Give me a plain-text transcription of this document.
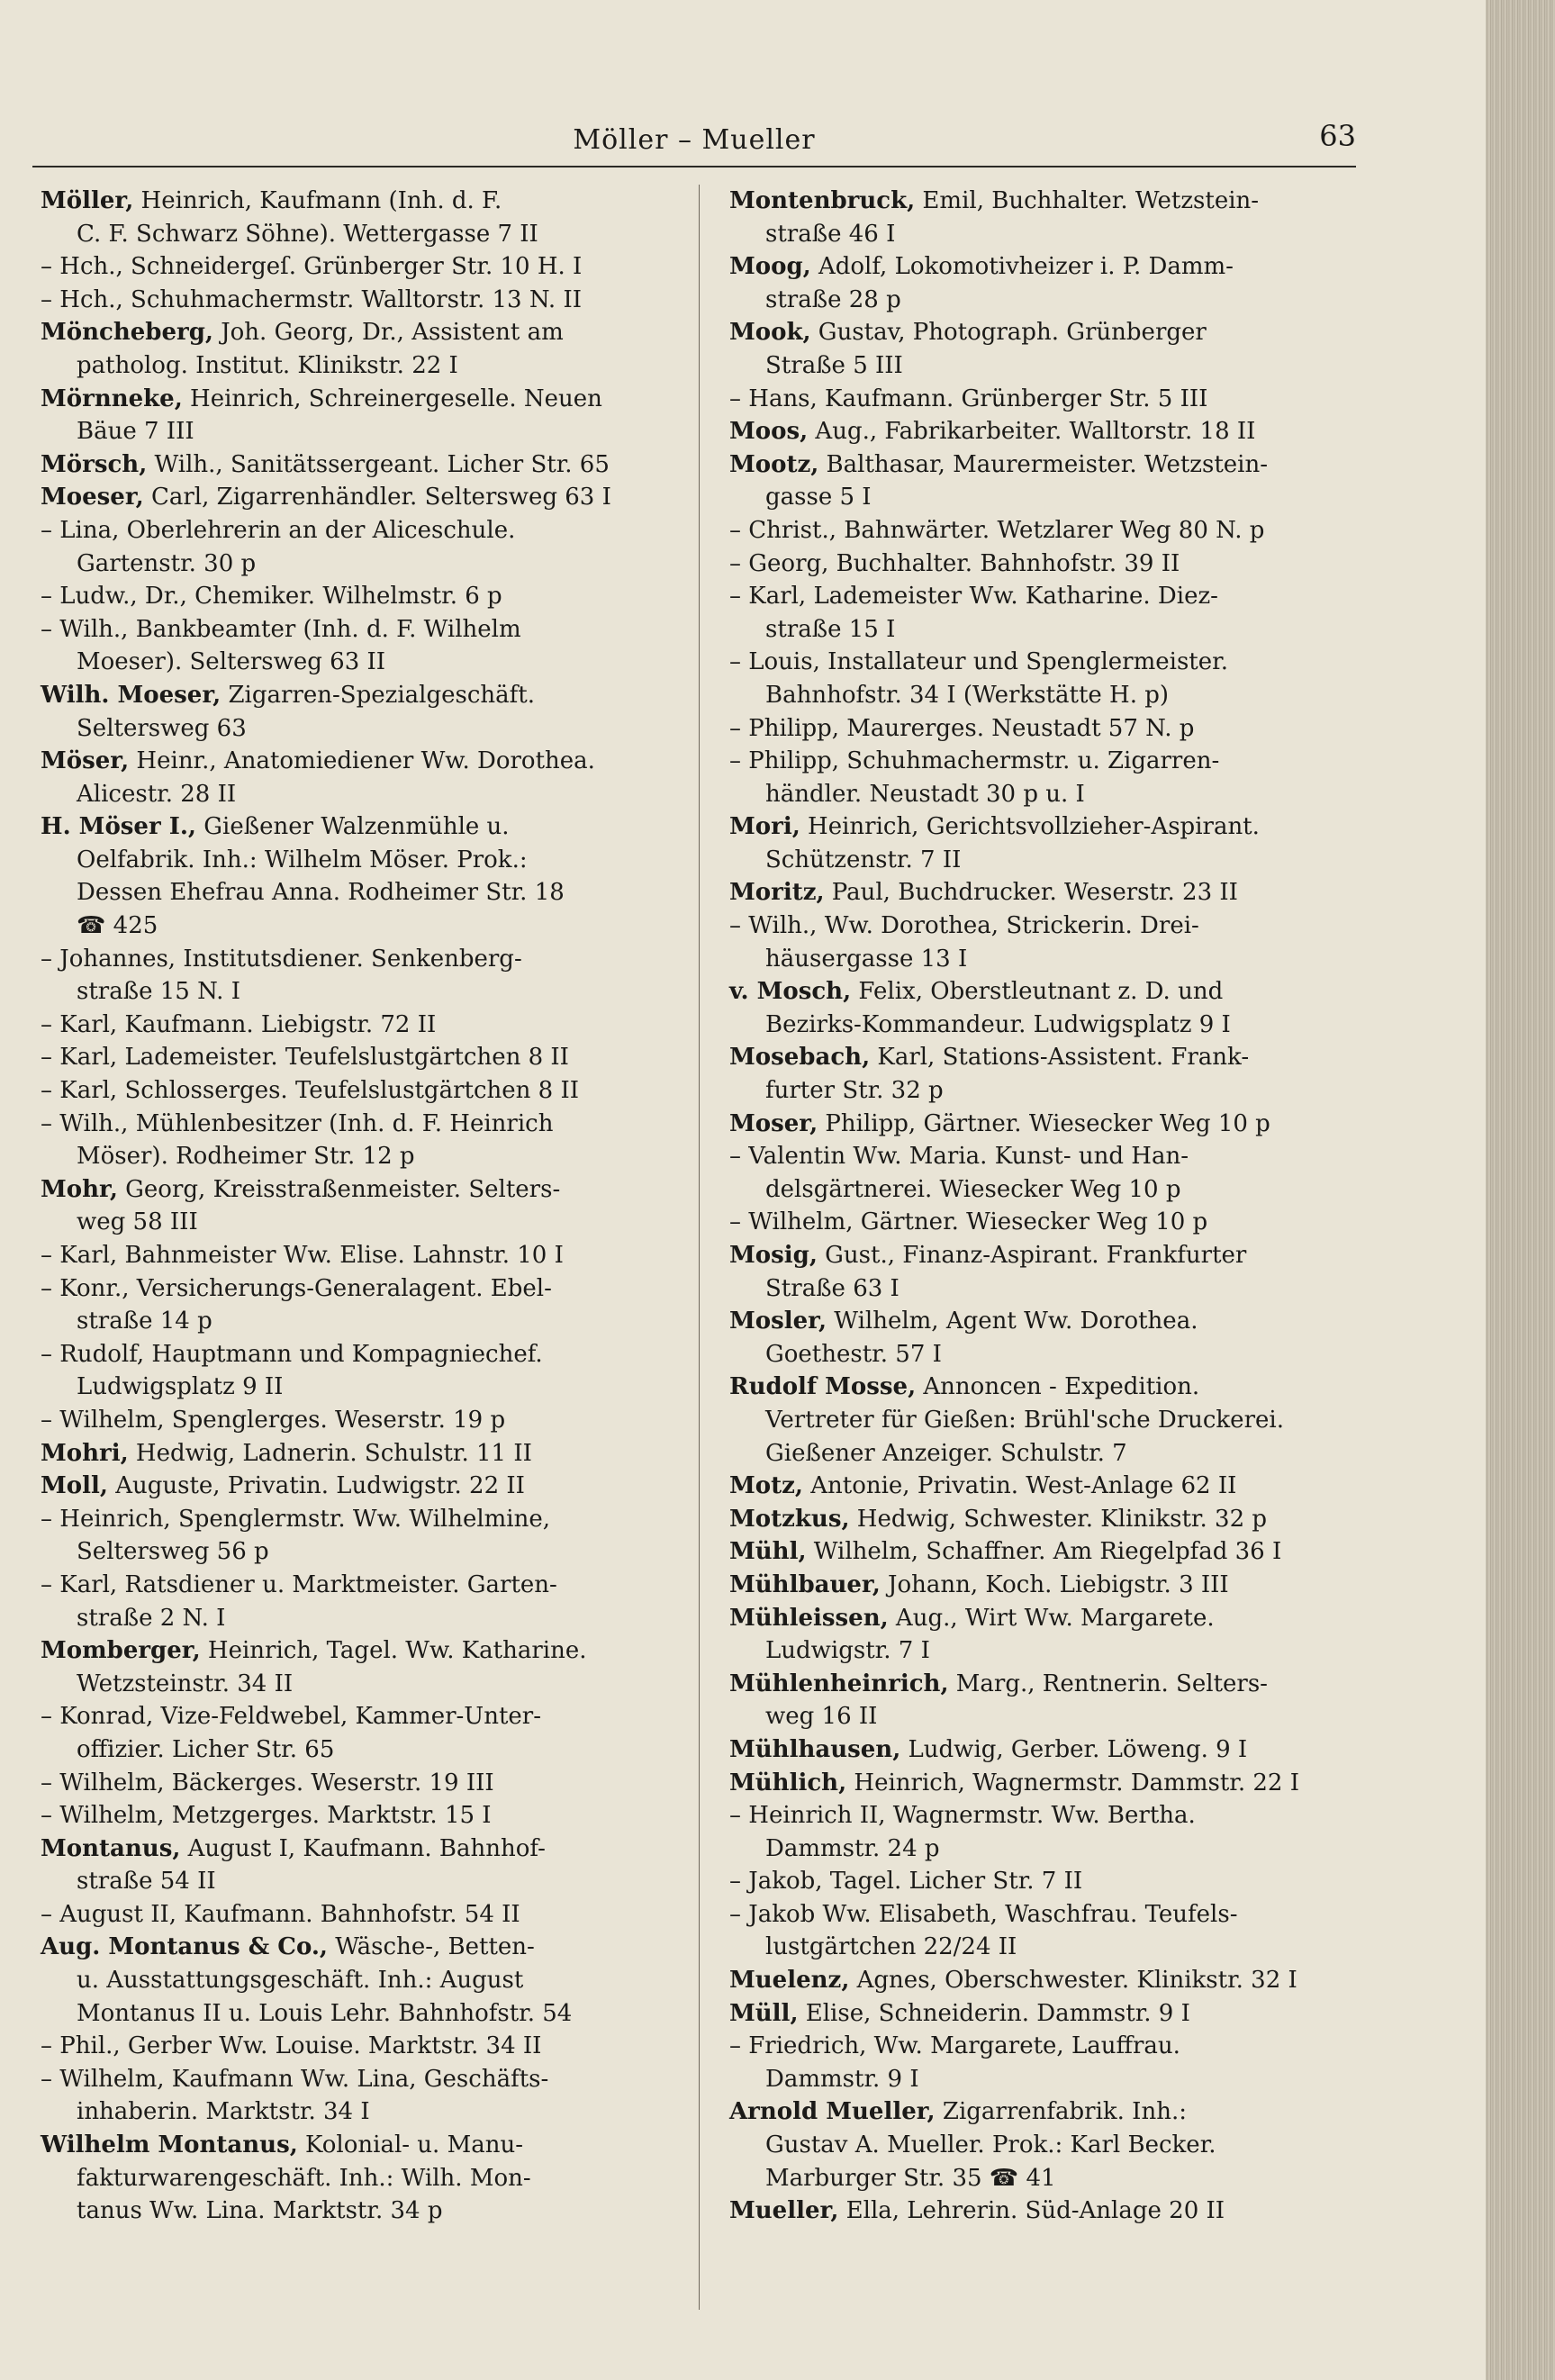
Möller – Mueller	63
Möller, Heinrich, Kaufmann (Inh. d. F.
C. F. Schwarz Söhne). Wettergasse 7 II
– Hch., Schneidergeſ. Grünberger Str. 10 H. I
– Hch., Schuhmachermstr. Walltorstr. 13 N. II
Möncheberg, Joh. Georg, Dr., Assistent am
patholog. Institut. Klinikstr. 22 I
Mörnneke, Heinrich, Schreinergeselle. Neuen
Bäue 7 III
Mörsch, Wilh., Sanitätssergeant. Licher Str. 65
Moeser, Carl, Zigarrenhändler. Seltersweg 63 I
– Lina, Oberlehrerin an der Aliceschule.
Gartenstr. 30 p
– Ludw., Dr., Chemiker. Wilhelmstr. 6 p
– Wilh., Bankbeamter (Inh. d. F. Wilhelm
Moeser). Seltersweg 63 II
Wilh. Moeser, Zigarren-Spezialgeschäft.
Seltersweg 63
Möser, Heinr., Anatomiediener Ww. Dorothea.
Alicestr. 28 II
H. Möser I., Gießener Walzenmühle u.
Oelfabrik. Inh.: Wilhelm Möser. Prok.:
Dessen Ehefrau Anna. Rodheimer Str. 18
☎ 425
– Johannes, Institutsdiener. Senkenberg-
straße 15 N. I
– Karl, Kaufmann. Liebigstr. 72 II
– Karl, Lademeister. Teufelslustgärtchen 8 II
– Karl, Schlosserges. Teufelslustgärtchen 8 II
– Wilh., Mühlenbesitzer (Inh. d. F. Heinrich
Möser). Rodheimer Str. 12 p
Mohr, Georg, Kreisstraßenmeister. Selters-
weg 58 III
– Karl, Bahnmeister Ww. Elise. Lahnstr. 10 I
– Konr., Versicherungs-Generalagent. Ebel-
straße 14 p
– Rudolf, Hauptmann und Kompagniechef.
Ludwigsplatz 9 II
– Wilhelm, Spenglerges. Weserstr. 19 p
Mohri, Hedwig, Ladnerin. Schulstr. 11 II
Moll, Auguste, Privatin. Ludwigstr. 22 II
– Heinrich, Spenglermstr. Ww. Wilhelmine,
Seltersweg 56 p
– Karl, Ratsdiener u. Marktmeister. Garten-
straße 2 N. I
Momberger, Heinrich, Tagel. Ww. Katharine.
Wetzsteinstr. 34 II
– Konrad, Vize-Feldwebel, Kammer-Unter-
offizier. Licher Str. 65
– Wilhelm, Bäckerges. Weserstr. 19 III
– Wilhelm, Metzgerges. Marktstr. 15 I
Montanus, August I, Kaufmann. Bahnhof-
straße 54 II
– August II, Kaufmann. Bahnhofstr. 54 II
Aug. Montanus & Co., Wäsche-, Betten-
u. Ausstattungsgeschäft. Inh.: August
Montanus II u. Louis Lehr. Bahnhofstr. 54
– Phil., Gerber Ww. Louise. Marktstr. 34 II
– Wilhelm, Kaufmann Ww. Lina, Geschäfts-
inhaberin. Marktstr. 34 I
Wilhelm Montanus, Kolonial- u. Manu-
fakturwarengeschäft. Inh.: Wilh. Mon-
tanus Ww. Lina. Marktstr. 34 p
Montenbruck, Emil, Buchhalter. Wetzstein-
straße 46 I
Moog, Adolf, Lokomotivheizer i. P. Damm-
straße 28 p
Mook, Gustav, Photograph. Grünberger
Straße 5 III
– Hans, Kaufmann. Grünberger Str. 5 III
Moos, Aug., Fabrikarbeiter. Walltorstr. 18 II
Mootz, Balthasar, Maurermeister. Wetzstein-
gasse 5 I
– Christ., Bahnwärter. Wetzlarer Weg 80 N. p
– Georg, Buchhalter. Bahnhofstr. 39 II
– Karl, Lademeister Ww. Katharine. Diez-
straße 15 I
– Louis, Installateur und Spenglermeister.
Bahnhofstr. 34 I (Werkstätte H. p)
– Philipp, Maurerges. Neustadt 57 N. p
– Philipp, Schuhmachermstr. u. Zigarren-
händler. Neustadt 30 p u. I
Mori, Heinrich, Gerichtsvollzieher-Aspirant.
Schützenstr. 7 II
Moritz, Paul, Buchdrucker. Weserstr. 23 II
– Wilh., Ww. Dorothea, Strickerin. Drei-
häusergasse 13 I
v. Mosch, Felix, Oberstleutnant z. D. und
Bezirks-Kommandeur. Ludwigsplatz 9 I
Mosebach, Karl, Stations-Assistent. Frank-
furter Str. 32 p
Moser, Philipp, Gärtner. Wiesecker Weg 10 p
– Valentin Ww. Maria. Kunst- und Han-
delsgärtnerei. Wiesecker Weg 10 p
– Wilhelm, Gärtner. Wiesecker Weg 10 p
Mosig, Gust., Finanz-Aspirant. Frankfurter
Straße 63 I
Mosler, Wilhelm, Agent Ww. Dorothea.
Goethestr. 57 I
Rudolf Mosse, Annoncen - Expedition.
Vertreter für Gießen: Brühl'sche Druckerei.
Gießener Anzeiger. Schulstr. 7
Motz, Antonie, Privatin. West-Anlage 62 II
Motzkus, Hedwig, Schwester. Klinikstr. 32 p
Mühl, Wilhelm, Schaffner. Am Riegelpfad 36 I
Mühlbauer, Johann, Koch. Liebigstr. 3 III
Mühleissen, Aug., Wirt Ww. Margarete.
Ludwigstr. 7 I
Mühlenheinrich, Marg., Rentnerin. Selters-
weg 16 II
Mühlhausen, Ludwig, Gerber. Löweng. 9 I
Mühlich, Heinrich, Wagnermstr. Dammstr. 22 I
– Heinrich II, Wagnermstr. Ww. Bertha.
Dammstr. 24 p
– Jakob, Tagel. Licher Str. 7 II
– Jakob Ww. Elisabeth, Waschfrau. Teufels-
lustgärtchen 22/24 II
Muelenz, Agnes, Oberschwester. Klinikstr. 32 I
Müll, Elise, Schneiderin. Dammstr. 9 I
– Friedrich, Ww. Margarete, Lauffrau.
Dammstr. 9 I
Arnold Mueller, Zigarrenfabrik. Inh.:
Gustav A. Mueller. Prok.: Karl Becker.
Marburger Str. 35 ☎ 41
Mueller, Ella, Lehrerin. Süd-Anlage 20 II
